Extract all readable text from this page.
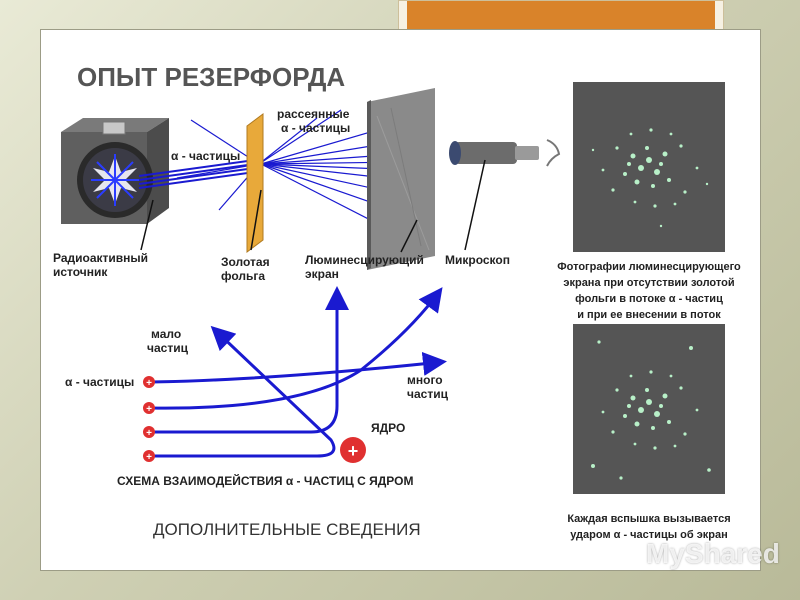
ОПЫТ РЕЗЕРФОРДА
рассеянные
α - частицы
α - частицы
Радиоактивный
источник
Золотая
фольга
Люминесцирующий
экран
Микроскоп	Фотографии люминесцирующего
экрана при отсутствии золотой
фольги в потоке α - частиц
и при ее внесении в поток
Каждая вспышка вызывается
ударом α - частицы об экран
+
+
+
+	+
мало
частиц
много
частиц
α - частицы
ЯДРО
СХЕМА ВЗАИМОДЕЙСТВИЯ α - ЧАСТИЦ С ЯДРОМ
ДОПОЛНИТЕЛЬНЫЕ СВЕДЕНИЯ
MyShared
